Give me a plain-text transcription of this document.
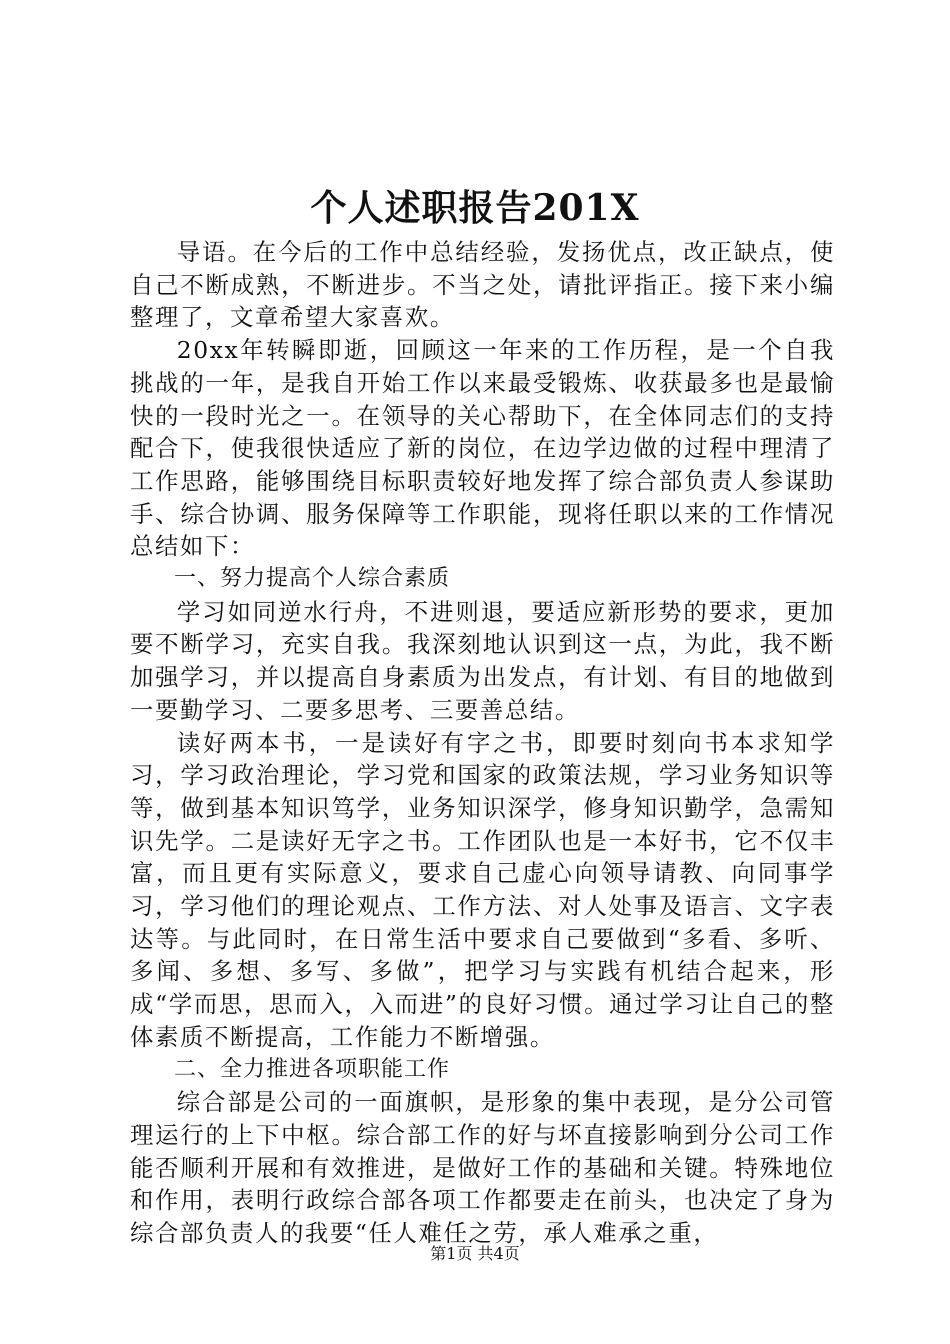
个人述职报告201X

导语。在今后的工作中总结经验，发扬优点，改正缺点，使自己不断成熟，不断进步。不当之处，请批评指正。接下来小编整理了，文章希望大家喜欢。

20xx年转瞬即逝，回顾这一年来的工作历程，是一个自我挑战的一年，是我自开始工作以来最受锻炼、收获最多也是最愉快的一段时光之一。在领导的关心帮助下，在全体同志们的支持配合下，使我很快适应了新的岗位，在边学边做的过程中理清了工作思路，能够围绕目标职责较好地发挥了综合部负责人参谋助手、综合协调、服务保障等工作职能，现将任职以来的工作情况总结如下：

一、努力提高个人综合素质

学习如同逆水行舟，不进则退，要适应新形势的要求，更加要不断学习，充实自我。我深刻地认识到这一点，为此，我不断加强学习，并以提高自身素质为出发点，有计划、有目的地做到一要勤学习、二要多思考、三要善总结。

读好两本书，一是读好有字之书，即要时刻向书本求知学习，学习政治理论，学习党和国家的政策法规，学习业务知识等等，做到基本知识笃学，业务知识深学，修身知识勤学，急需知识先学。二是读好无字之书。工作团队也是一本好书，它不仅丰富，而且更有实际意义，要求自己虚心向领导请教、向同事学习，学习他们的理论观点、工作方法、对人处事及语言、文字表达等。与此同时，在日常生活中要求自己要做到“多看、多听、多闻、多想、多写、多做”，把学习与实践有机结合起来，形成“学而思，思而入，入而进”的良好习惯。通过学习让自己的整体素质不断提高，工作能力不断增强。

二、全力推进各项职能工作

综合部是公司的一面旗帜，是形象的集中表现，是分公司管理运行的上下中枢。综合部工作的好与坏直接影响到分公司工作能否顺利开展和有效推进，是做好工作的基础和关键。特殊地位和作用，表明行政综合部各项工作都要走在前头，也决定了身为综合部负责人的我要“任人难任之劳，承人难承之重，

第1页 共4页
